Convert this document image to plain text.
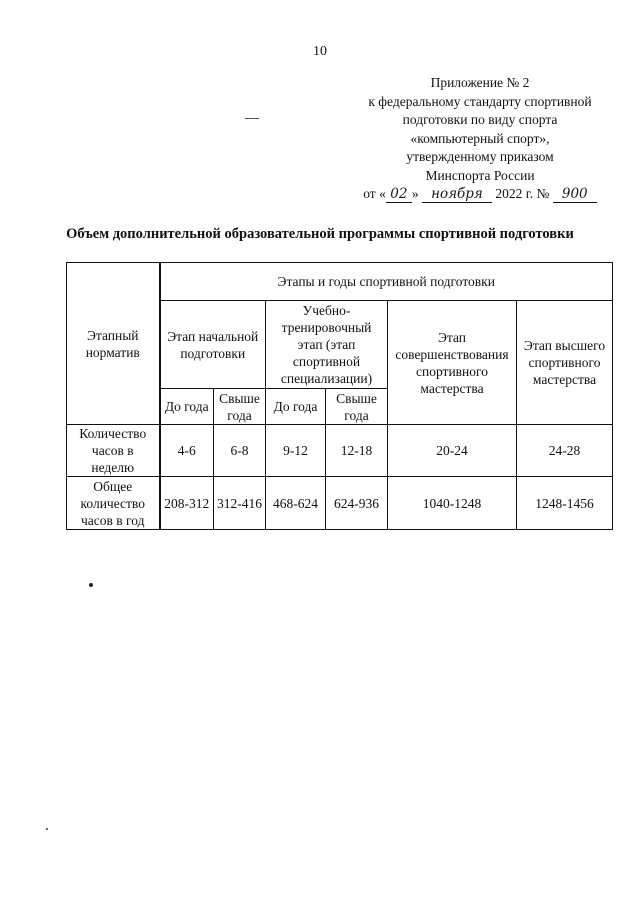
10
Приложение № 2
к федеральному стандарту спортивной
подготовки по виду спорта
«компьютерный спорт»,
утвержденному приказом
Минспорта России
от « 02 » ноября 2022 г. № 900
Объем дополнительной образовательной программы спортивной подготовки
Этапный норматив	Этапы и годы спортивной подготовки					
	Этап начальной подготовки		Учебно-тренировочный этап (этап спортивной специализации)		Этап совершенствования спортивного мастерства	Этап высшего спортивного мастерства
	До года	Свыше года	До года	Свыше года		
Количество часов в неделю	4-6	6-8	9-12	12-18	20-24	24-28
Общее количество часов в год	208-312	312-416	468-624	624-936	1040-1248	1248-1456
